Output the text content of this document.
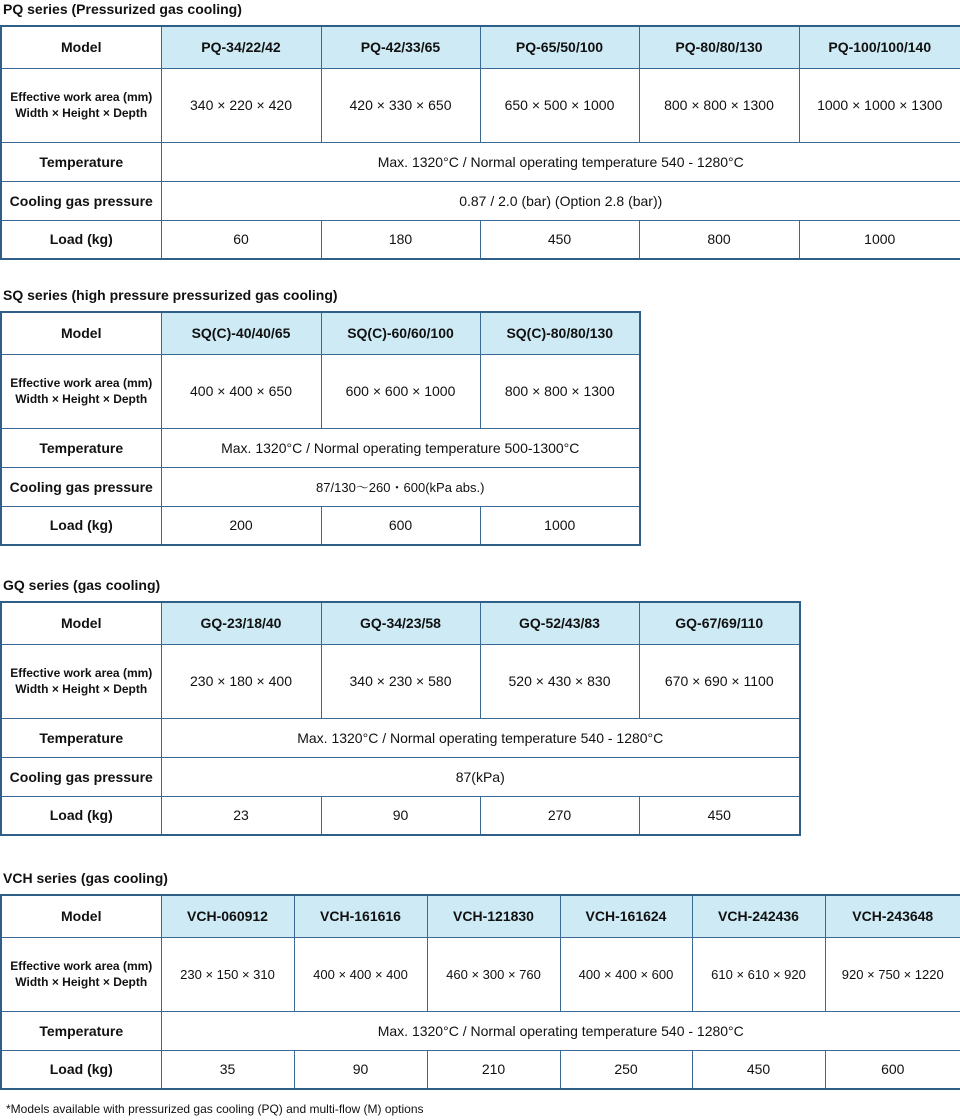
PQ series (Pressurized gas cooling)
Model	PQ-34/22/42	PQ-42/33/65	PQ-65/50/100	PQ-80/80/130	PQ-100/100/140
Effective work area (mm)
Width × Height × Depth	340 × 220 × 420	420 × 330 × 650	650 × 500 × 1000	800 × 800 × 1300	1000 × 1000 × 1300
Temperature	Max. 1320°C / Normal operating temperature 540 - 1280°C				
Cooling gas pressure	0.87 / 2.0 (bar) (Option 2.8 (bar))				
Load (kg)	60	180	450	800	1000
SQ series (high pressure pressurized gas cooling)
Model	SQ(C)-40/40/65	SQ(C)-60/60/100	SQ(C)-80/80/130
Effective work area (mm)
Width × Height × Depth	400 × 400 × 650	600 × 600 × 1000	800 × 800 × 1300
Temperature	Max. 1320°C / Normal operating temperature 500-1300°C		
Cooling gas pressure	87/130〜260・600(kPa abs.)		
Load (kg)	200	600	1000
GQ series (gas cooling)
Model	GQ-23/18/40	GQ-34/23/58	GQ-52/43/83	GQ-67/69/110
Effective work area (mm)
Width × Height × Depth	230 × 180 × 400	340 × 230 × 580	520 × 430 × 830	670 × 690 × 1100
Temperature	Max. 1320°C / Normal operating temperature 540 - 1280°C			
Cooling gas pressure	87(kPa)			
Load (kg)	23	90	270	450
VCH series (gas cooling)
Model	VCH-060912	VCH-161616	VCH-121830	VCH-161624	VCH-242436	VCH-243648
Effective work area (mm)
Width × Height × Depth	230 × 150 × 310	400 × 400 × 400	460 × 300 × 760	400 × 400 × 600	610 × 610 × 920	920 × 750 × 1220
Temperature	Max. 1320°C / Normal operating temperature 540 - 1280°C					
Load (kg)	35	90	210	250	450	600
*Models available with pressurized gas cooling (PQ) and multi-flow (M) options
